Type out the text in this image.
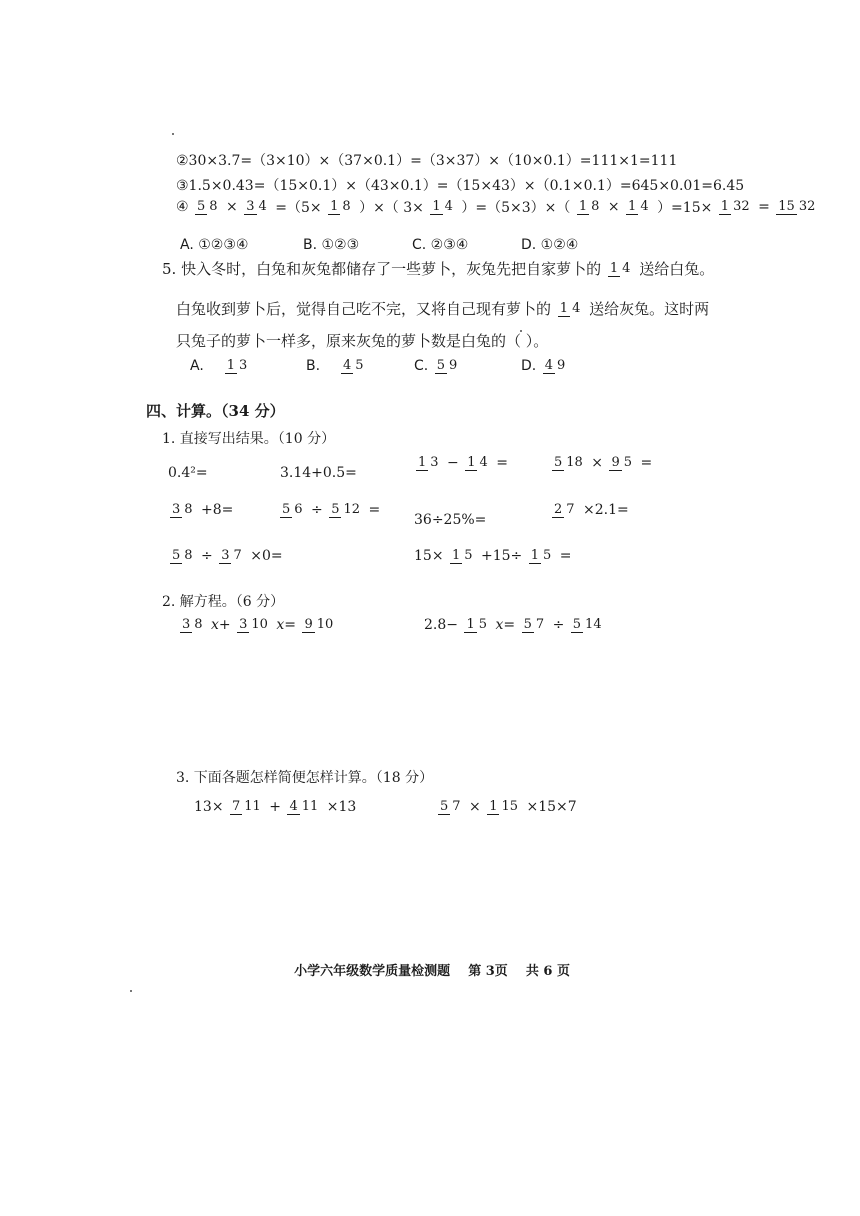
②30×3.7=（3×10）×（37×0.1）=（3×37）×（10×0.1）=111×1=111
③1.5×0.43=（15×0.1）×（43×0.1）=（15×43）×（0.1×0.1）=645×0.01=6.45
④ 5 8 × 3 4 =（5× 1 8 ）×（ 3× 1 4 ）=（5×3）×（ 1 8 × 1 4 ）=15× 1 32 = 15 32
A. ①②③④	B. ①②③	C. ②③④	D. ①②④
5. 快入冬时，白兔和灰兔都储存了一些萝卜，灰兔先把自家萝卜的 1 4 送给白兔。
白兔收到萝卜后，觉得自己吃不完，又将自己现有萝卜的 1 4 送给灰兔。这时两
只兔子的萝卜一样多，原来灰兔的萝卜数是白兔的（ ）。
A. 1 3	B. 4 5	C. 5 9	D. 4 9
四、计算。（34 分）
1. 直接写出结果。（10 分）
0.4²=	3.14+0.5=
1 3 − 1 4 =	5 18 × 9 5 =
3 8 +8=	5 6 ÷ 5 12 =
36÷25%=
2 7 ×2.1=
5 8 ÷ 3 7 ×0=	15× 1 5 +15÷ 1 5 =
2. 解方程。（6 分）
3 8 x+ 3 10 x= 9 10	2.8− 1 5 x= 5 7 ÷ 5 14
3. 下面各题怎样简便怎样计算。（18 分）
13× 7 11 + 4 11 ×13	5 7 × 1 15 ×15×7

小学六年级数学质量检测题    第 3页    共 6 页
